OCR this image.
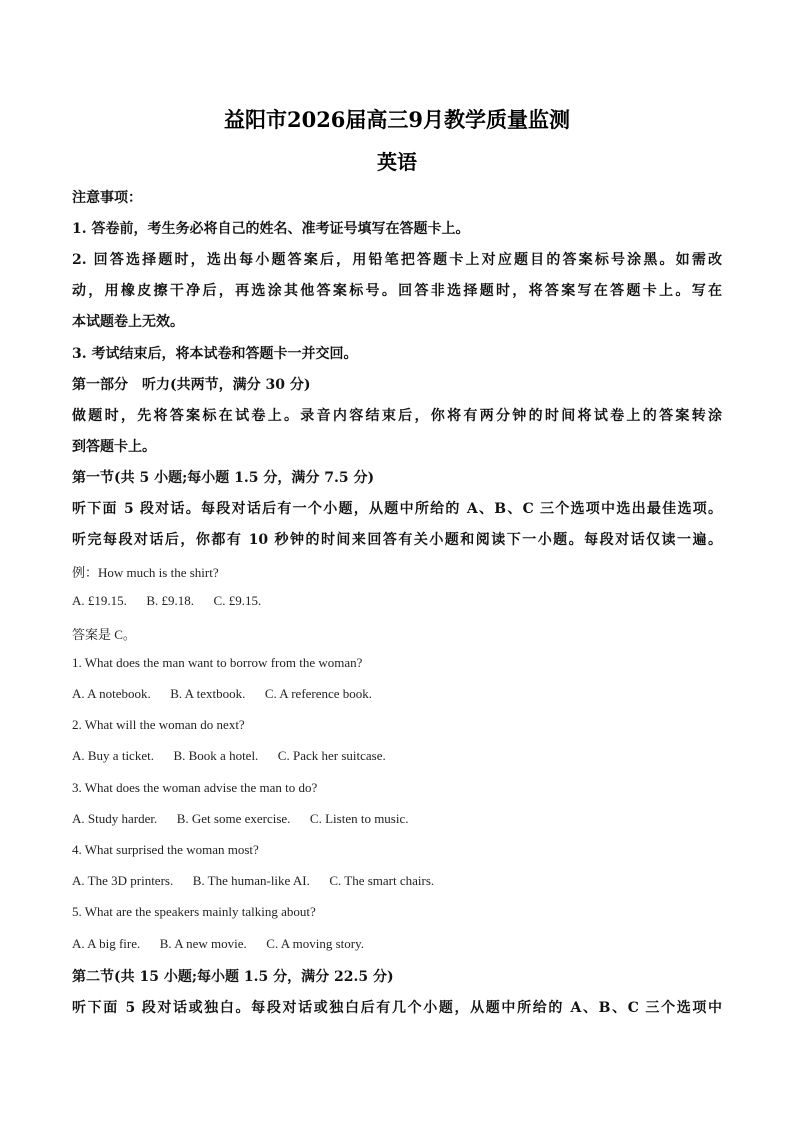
益阳市2026届高三9月教学质量监测
英语
注意事项：
1. 答卷前，考生务必将自己的姓名、准考证号填写在答题卡上。
2. 回答选择题时，选出每小题答案后，用铅笔把答题卡上对应题目的答案标号涂黑。如需改
动，用橡皮擦干净后，再选涂其他答案标号。回答非选择题时，将答案写在答题卡上。写在
本试题卷上无效。
3. 考试结束后，将本试卷和答题卡一并交回。
第一部分　听力(共两节，满分 30 分)
做题时，先将答案标在试卷上。录音内容结束后，你将有两分钟的时间将试卷上的答案转涂
到答题卡上。
第一节(共 5 小题;每小题 1.5 分，满分 7.5 分)
听下面 5 段对话。每段对话后有一个小题，从题中所给的 A、B、C 三个选项中选出最佳选项。
听完每段对话后，你都有 10 秒钟的时间来回答有关小题和阅读下一小题。每段对话仅读一遍。
例：How much is the shirt?
A. £19.15.      B. £9.18.      C. £9.15.
答案是 C。
1. What does the man want to borrow from the woman?
A. A notebook.      B. A textbook.      C. A reference book.
2. What will the woman do next?
A. Buy a ticket.      B. Book a hotel.      C. Pack her suitcase.
3. What does the woman advise the man to do?
A. Study harder.      B. Get some exercise.      C. Listen to music.
4. What surprised the woman most?
A. The 3D printers.      B. The human-like AI.      C. The smart chairs.
5. What are the speakers mainly talking about?
A. A big fire.      B. A new movie.      C. A moving story.
第二节(共 15 小题;每小题 1.5 分，满分 22.5 分)
听下面 5 段对话或独白。每段对话或独白后有几个小题，从题中所给的 A、B、C 三个选项中
